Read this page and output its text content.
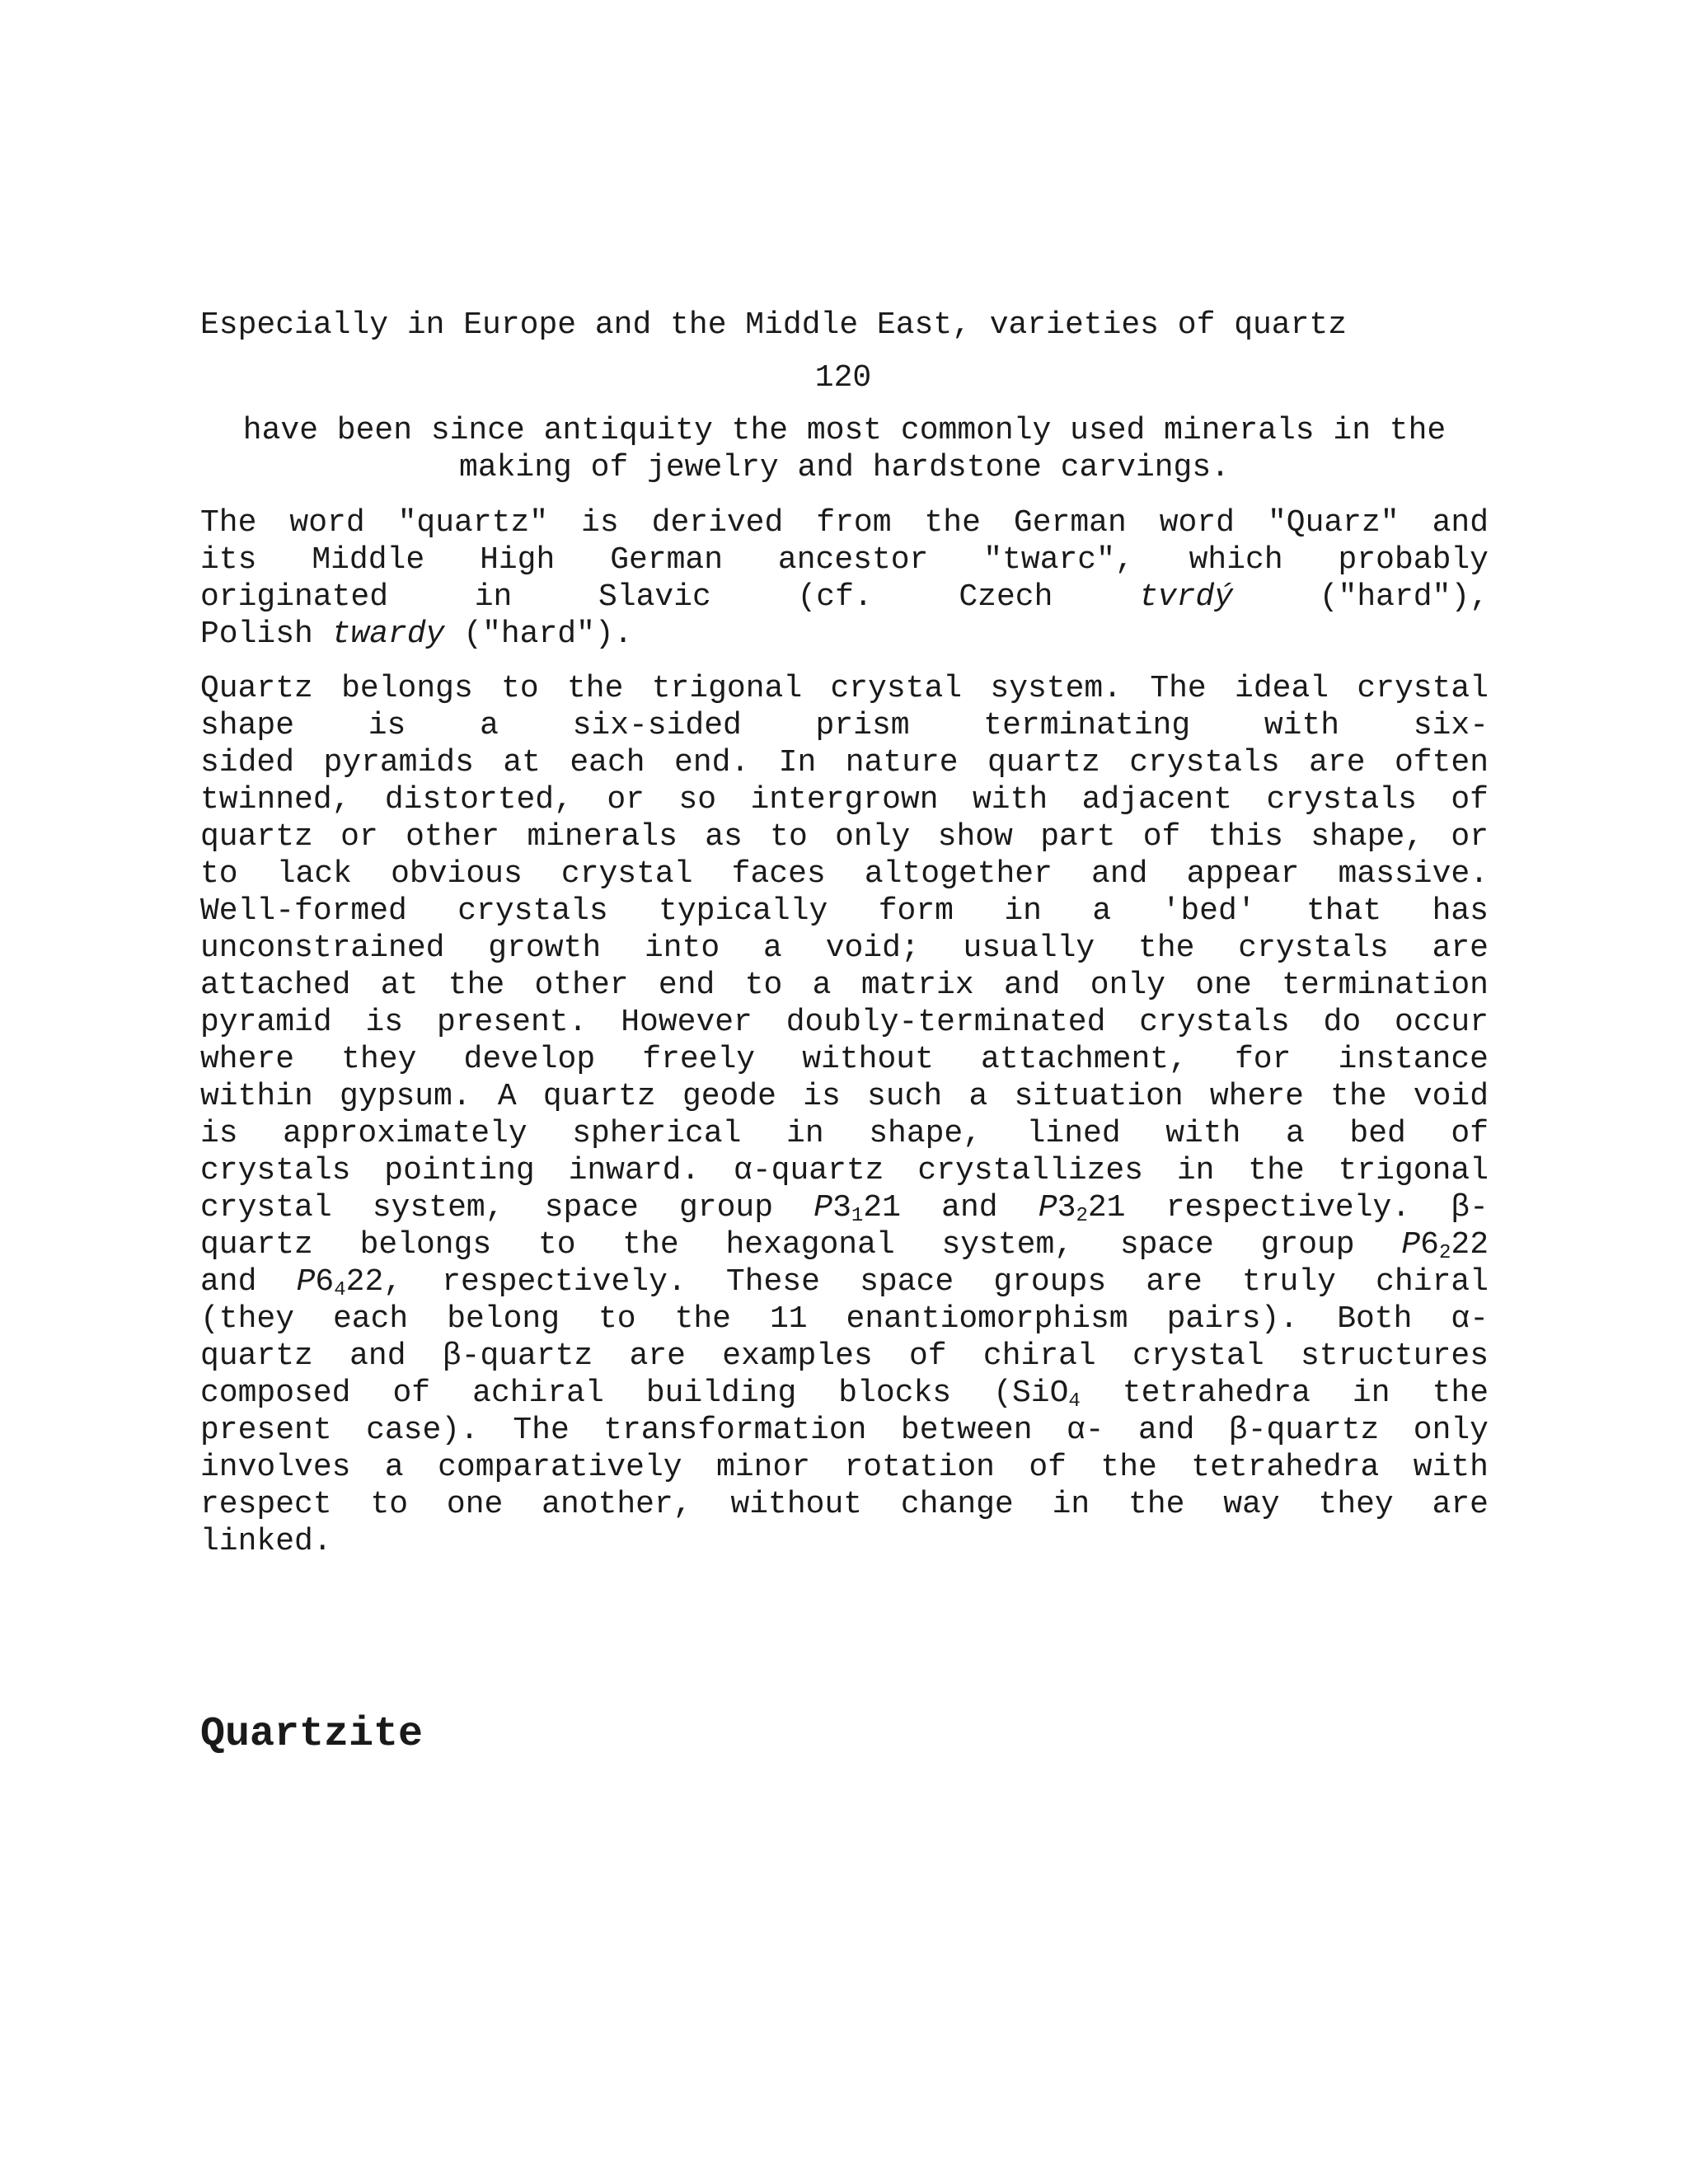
Especially in Europe and the Middle East, varieties of quartz

120

have been since antiquity the most commonly used minerals in the

making of jewelry and hardstone carvings.

The word "quartz" is derived from the German word "Quarz" and

its Middle High German ancestor "twarc", which probably

originated in Slavic (cf. Czech tvrdý ("hard"),

Polish twardy ("hard").

Quartz belongs to the trigonal crystal system. The ideal crystal

shape is a six-sided prism terminating with six-

sided pyramids at each end. In nature quartz crystals are often

twinned, distorted, or so intergrown with adjacent crystals of

quartz or other minerals as to only show part of this shape, or

to lack obvious crystal faces altogether and appear massive.

Well-formed crystals typically form in a 'bed' that has

unconstrained growth into a void; usually the crystals are

attached at the other end to a matrix and only one termination

pyramid is present. However doubly-terminated crystals do occur

where they develop freely without attachment, for instance

within gypsum. A quartz geode is such a situation where the void

is approximately spherical in shape, lined with a bed of

crystals pointing inward. α-quartz crystallizes in the trigonal

crystal system, space group $P3_121$ and $P3_221$ respectively. β-

quartz belongs to the hexagonal system, space group $P6_222$

and $P6_422$, respectively. These space groups are truly chiral

(they each belong to the 11 enantiomorphism pairs). Both α-

quartz and β-quartz are examples of chiral crystal structures

composed of achiral building blocks (SiO$_4$ tetrahedra in the

present case). The transformation between α- and β-quartz only

involves a comparatively minor rotation of the tetrahedra with

respect to one another, without change in the way they are

linked.

Quartzite
